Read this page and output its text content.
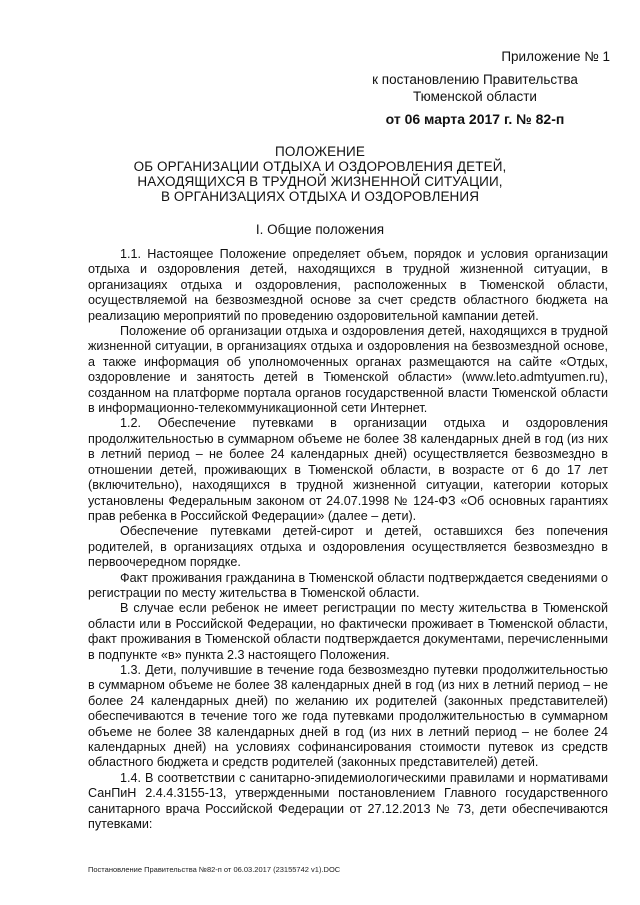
Приложение № 1
к постановлению Правительства
Тюменской области
от 06 марта 2017 г. № 82-п
ПОЛОЖЕНИЕ
ОБ ОРГАНИЗАЦИИ ОТДЫХА И ОЗДОРОВЛЕНИЯ ДЕТЕЙ,
НАХОДЯЩИХСЯ В ТРУДНОЙ ЖИЗНЕННОЙ СИТУАЦИИ,
В ОРГАНИЗАЦИЯХ ОТДЫХА И ОЗДОРОВЛЕНИЯ
I. Общие положения

1.1. Настоящее Положение определяет объем, порядок и условия организации отдыха и оздоровления детей, находящихся в трудной жизненной ситуации, в организациях отдыха и оздоровления, расположенных в Тюменской области, осуществляемой на безвозмездной основе за счет средств областного бюджета на реализацию мероприятий по проведению оздоровительной кампании детей.

Положение об организации отдыха и оздоровления детей, находящихся в трудной жизненной ситуации, в организациях отдыха и оздоровления на безвозмездной основе, а также информация об уполномоченных органах размещаются на сайте «Отдых, оздоровление и занятость детей в Тюменской области» (www.leto.admtyumen.ru), созданном на платформе портала органов государственной власти Тюменской области в информационно-телекоммуникационной сети Интернет.

1.2. Обеспечение путевками в организации отдыха и оздоровления продолжительностью в суммарном объеме не более 38 календарных дней в год (из них в летний период – не более 24 календарных дней) осуществляется безвозмездно в отношении детей, проживающих в Тюменской области, в возрасте от 6 до 17 лет (включительно), находящихся в трудной жизненной ситуации, категории которых установлены Федеральным законом от 24.07.1998 № 124-ФЗ «Об основных гарантиях прав ребенка в Российской Федерации» (далее – дети).

Обеспечение путевками детей-сирот и детей, оставшихся без попечения родителей, в организациях отдыха и оздоровления осуществляется безвозмездно в первоочередном порядке.

Факт проживания гражданина в Тюменской области подтверждается сведениями о регистрации по месту жительства в Тюменской области.

В случае если ребенок не имеет регистрации по месту жительства в Тюменской области или в Российской Федерации, но фактически проживает в Тюменской области, факт проживания в Тюменской области подтверждается документами, перечисленными в подпункте «в» пункта 2.3 настоящего Положения.

1.3. Дети, получившие в течение года безвозмездно путевки продолжительностью в суммарном объеме не более 38 календарных дней в год (из них в летний период – не более 24 календарных дней) по желанию их родителей (законных представителей) обеспечиваются в течение того же года путевками продолжительностью в суммарном объеме не более 38 календарных дней в год (из них в летний период – не более 24 календарных дней) на условиях софинансирования стоимости путевок из средств областного бюджета и средств родителей (законных представителей) детей.

1.4. В соответствии с санитарно-эпидемиологическими правилами и нормативами СанПиН 2.4.4.3155-13, утвержденными постановлением Главного государственного санитарного врача Российской Федерации от 27.12.2013 № 73, дети обеспечиваются путевками:

Постановление Правительства №82-п от 06.03.2017 (23155742 v1).DOC
